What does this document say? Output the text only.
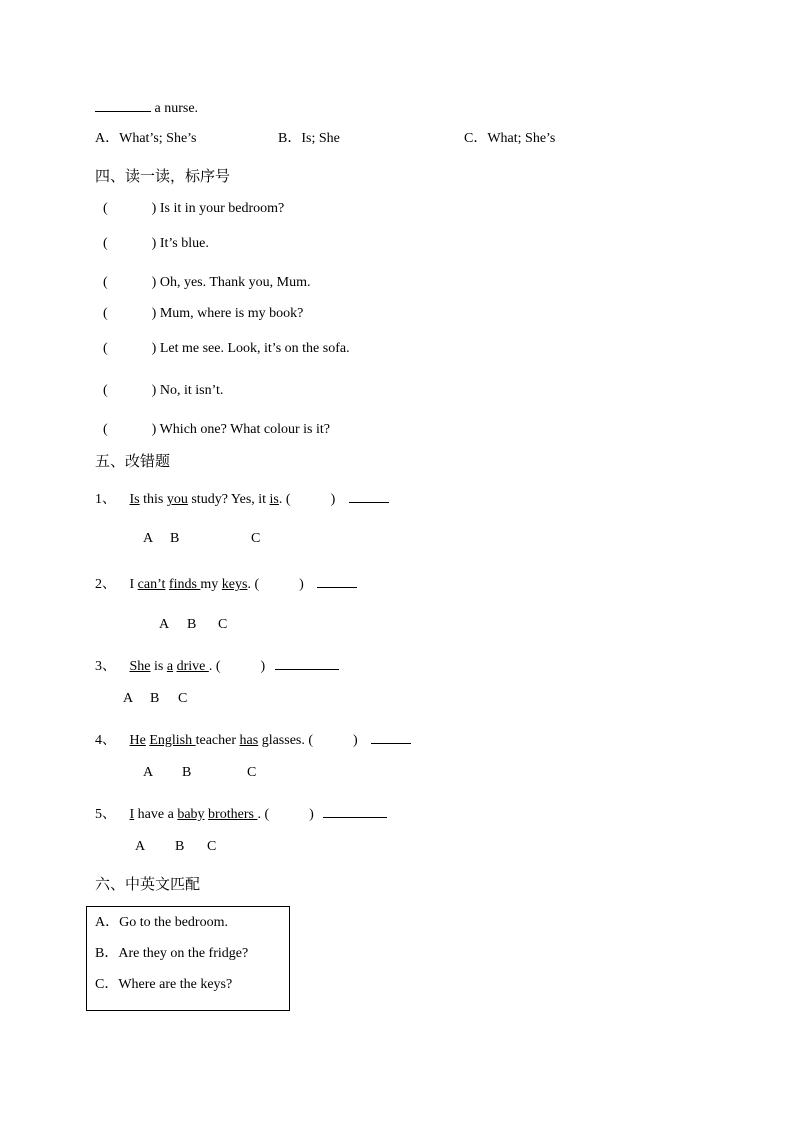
a nurse.
A．What’s; She’s	B．Is; She	C．What; She’s
四、读一读，标序号
(	) Is it in your bedroom?
(	) It’s blue.
(	) Oh, yes. Thank you, Mum.
(	) Mum, where is my book?
(	) Let me see. Look, it’s on the sofa.
(	) No, it isn’t.
(	) Which one? What colour is it?
五、改错题
1、 Is this you study? Yes, it is. (	)
A B	C
2、 I can’t finds my keys. (	)
A B C
3、 She is a drive . (	)
A B C
4、 He English teacher has glasses. (	)
A B	C
5、 I have a baby brothers . (	)
A B C
六、中英文匹配
A．Go to the bedroom.
B．Are they on the fridge?
C．Where are the keys?
